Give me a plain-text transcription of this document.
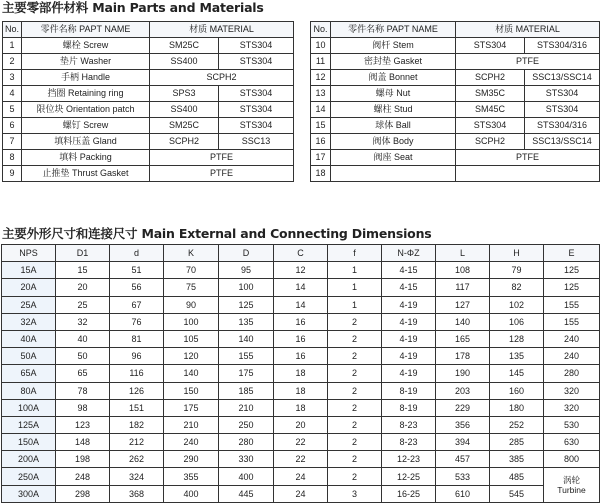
主要零部件材料 Main Parts and Materials
No.	零件名称 PAPT NAME	材质 MATERIAL	
1	螺栓 Screw	SM25C	STS304
2	垫片 Washer	SS400	STS304
3	手柄 Handle	SCPH2	
4	挡圈 Retaining ring	SPS3	STS304
5	限位块 Orientation patch	SS400	STS304
6	螺钉 Screw	SM25C	STS304
7	填料压盖 Gland	SCPH2	SSC13
8	填料 Packing	PTFE	
9	止推垫 Thrust Gasket	PTFE	
No.	零件名称 PAPT NAME	材质 MATERIAL	
10	阀杆 Stem	STS304	STS304/316
11	密封垫 Gasket	PTFE	
12	阀盖 Bonnet	SCPH2	SSC13/SSC14
13	螺母 Nut	SM35C	STS304
14	螺柱 Stud	SM45C	STS304
15	球体 Ball	STS304	STS304/316
16	阀体 Body	SCPH2	SSC13/SSC14
17	阀座 Seat	PTFE	
18			
主要外形尺寸和连接尺寸 Main External and Connecting Dimensions
NPS	D1	d	K	D	C	f	N-ΦZ	L	H	E
15A	15	51	70	95	12	1	4-15	108	79	125
20A	20	56	75	100	14	1	4-15	117	82	125
25A	25	67	90	125	14	1	4-19	127	102	155
32A	32	76	100	135	16	2	4-19	140	106	155
40A	40	81	105	140	16	2	4-19	165	128	240
50A	50	96	120	155	16	2	4-19	178	135	240
65A	65	116	140	175	18	2	4-19	190	145	280
80A	78	126	150	185	18	2	8-19	203	160	320
100A	98	151	175	210	18	2	8-19	229	180	320
125A	123	182	210	250	20	2	8-23	356	252	530
150A	148	212	240	280	22	2	8-23	394	285	630
200A	198	262	290	330	22	2	12-23	457	385	800
250A	248	324	355	400	24	2	12-25	533	485	涡轮
Turbine

300A	298	368	400	445	24	3	16-25	610	545	
